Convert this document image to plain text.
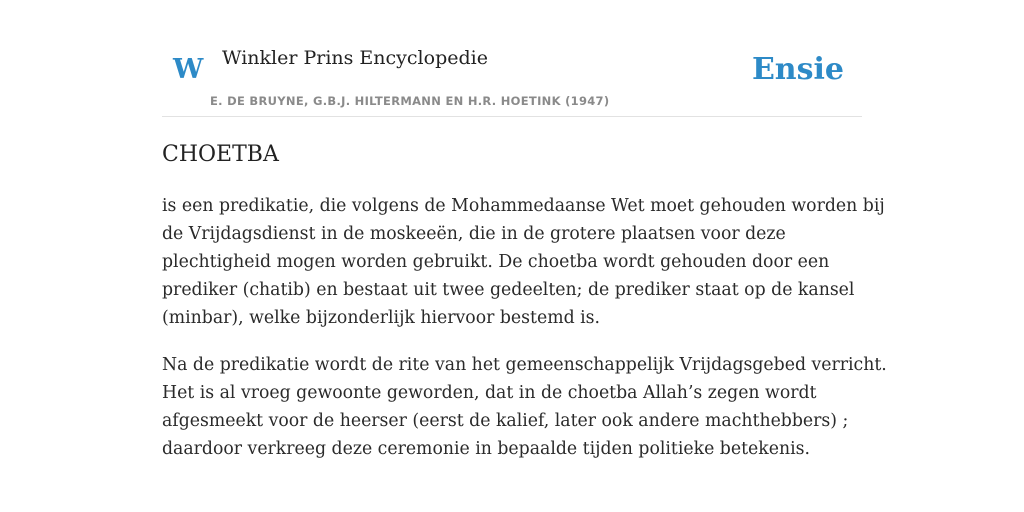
W Winkler Prins Encyclopedie
E. DE BRUYNE, G.B.J. HILTERMANN EN H.R. HOETINK (1947)
Ensie
CHOETBA

is een predikatie, die volgens de Mohammedaanse Wet moet gehouden worden bij
de Vrijdagsdienst in de moskeeën, die in de grotere plaatsen voor deze
plechtigheid mogen worden gebruikt. De choetba wordt gehouden door een
prediker (chatib) en bestaat uit twee gedeelten; de prediker staat op de kansel
(minbar), welke bijzonderlijk hiervoor bestemd is.

Na de predikatie wordt de rite van het gemeenschappelijk Vrijdagsgebed verricht.
Het is al vroeg gewoonte geworden, dat in de choetba Allah’s zegen wordt
afgesmeekt voor de heerser (eerst de kalief, later ook andere machthebbers) ;
daardoor verkreeg deze ceremonie in bepaalde tijden politieke betekenis.
